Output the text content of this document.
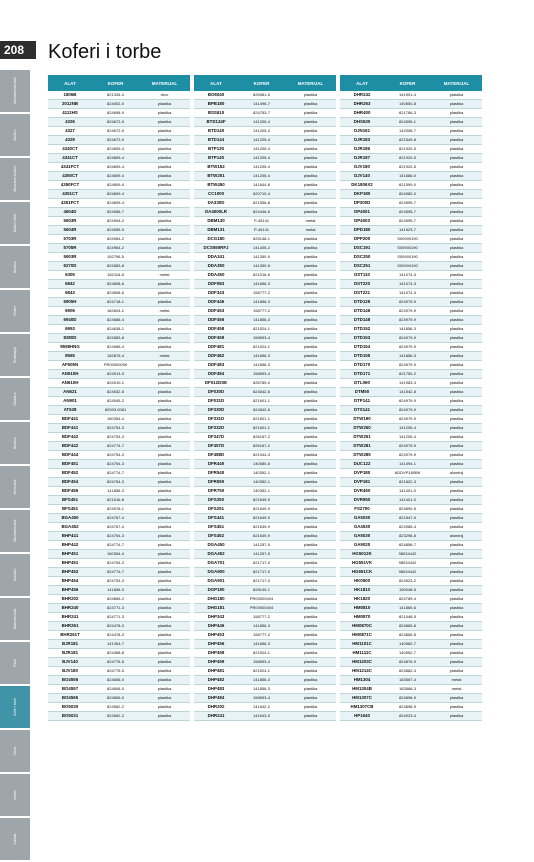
Akumulatorski alati
Bušilice
Vibracione bušilice
Bušaći čekići
Brusilice
Testere
Rendisaljke
Glodalice
Brusilice
Merni alati
Stacionarni alati
Usisivači
Baštenski alati
Pribor
Koferi i torbe
Servis
Indeks
Kontakt
208	Koferi i torbe
ALAT	KOFER	MATERIJAL
1806B	821334-4	drvo
2012NB	824002-0	plastika
4112HS	824698-9	plastika
4326	824672-9	plastika
4327	824672-9	plastika
4329	824672-9	plastika
4340CT	824809-4	plastika
4341CT	824809-4	plastika
4341FCT	824809-4	plastika
4350CT	824809-4	plastika
4350FCT	824809-4	plastika
4351CT	824809-4	plastika
4351FCT	824809-4	plastika
4604D	824556-7	plastika
5603R	824904-2	plastika
5604R	824555-9	plastika
5703R	824964-2	plastika
5705R	824964-2	plastika
5903R	192796-5	plastika
6270D	824583-8	plastika
6305	182116-8	metal
6842	824808-6	plastika
6843	824808-6	plastika
6905H	824718-1	plastika
6906	182604-1	metal
6940D	824686-4	plastika
6953	824638-1	plastika
8280D	824583-8	plastika
9558HNG	824985-4	plastika
9565	182875-4	metal
AF505N	PR00000090	plastika
AN510H	824913-3	plastika
AN610H	824910-1	plastika
AN621	824532-5	plastika
AN901	824545-2	plastika
AT638	82993-0081	plastika
BDF441	160354-4	plastika
BDF441	824754-3	plastika
BDF442	824754-3	plastika
BDF442	824774-7	plastika
BDF444	824754-3	plastika
BDF451	824754-3	plastika
BDF452	824774-7	plastika
BDF454	824754-3	plastika
BDF456	141856-3	plastika
BFS451	821616-8	plastika
BFS451	824978-1	plastika
BGA450	824767-4	plastika
BGA452	824767-4	plastika
BHP441	824754-3	plastika
BHP442	824774-7	plastika
BHP451	160354-4	plastika
BHP451	824754-3	plastika
BHP452	824774-7	plastika
BHP454	824754-3	plastika
BHP456	141856-3	plastika
BHR202	824865-2	plastika
BHR240	824771-3	plastika
BHR241	824771-3	plastika
BHR261	824478-3	plastika
BHR261T	824478-3	plastika
BJR181	141354-7	plastika
BJR181	824368-8	plastika
BJV140	824775-5	plastika
BJV180	824775-5	plastika
BO4555	824806-0	plastika
BO4557	824806-0	plastika
BO4565	824806-0	plastika
BO5030	824562-2	plastika
BO5031	824562-2	plastika
ALAT	KOFER	MATERIJAL
BO6040	826981-5	plastika
BPB180	141496-7	plastika
BSS610	824753-7	plastika
BTD134F	141205-4	plastika
BTD140	141205-4	plastika
BTD144	141205-4	plastika
BTP130	141205-4	plastika
BTP140	141205-4	plastika
BTW152	141205-4	plastika
BTW251	141205-4	plastika
BTW450	141644-8	plastika
CC1000	820710-4	plastika
DA330D	821556-8	plastika
DA4000LR	824446-6	plastika
DBM130	P-45141	metal
DBM131	P-45141	metal
DCG180	825148-1	plastika
DCS550RFJ	141405-2	plastika
DDA341	141350-9	plastika
DDA350	141350-9	plastika
DDA450	821016-6	plastika
DDF083	141856-3	plastika
DDF343	158777-2	plastika
DDF446	141856-3	plastika
DDF453	158777-2	plastika
DDF456	141856-3	plastika
DDF458	821524-1	plastika
DDF459	158593-4	plastika
DDF481	821524-1	plastika
DDF482	141856-3	plastika
DDF483	141856-3	plastika
DDF484	158593-4	plastika
DF012DSE	826789-0	plastika
DF030D	824842-6	plastika
DF031D	821601-1	plastika
DF330D	824842-6	plastika
DF331D	821601-1	plastika
DF332D	821601-1	plastika
DF347D	826167-2	plastika
DF457D	826167-2	plastika
DF488D	821044-3	plastika
DFR440	140080-6	plastika
DFR540	140352-1	plastika
DFR550	140352-1	plastika
DFR750	140352-1	plastika
DFS250	821649-9	plastika
DFS251	821649-9	plastika
DFS441	821649-9	plastika
DFS451	821649-9	plastika
DFS452	821649-9	plastika
DGA450	141257-5	plastika
DGA452	141257-5	plastika
DGA701	821717-0	plastika
DGA900	821717-0	plastika
DGA901	821717-0	plastika
DGP180	828140-1	plastika
DHG180	PR00000404	plastika
DHG181	PR00000404	plastika
DHP343	158777-2	plastika
DHP446	141856-3	plastika
DHP453	158777-2	plastika
DHP456	141856-3	plastika
DHP458	821524-1	plastika
DHP459	158593-4	plastika
DHP481	821524-1	plastika
DHP482	141856-3	plastika
DHP483	141856-3	plastika
DHP484	158593-4	plastika
DHR202	141642-2	plastika
DHR241	141643-0	plastika
ALAT	KOFER	MATERIJAL
DHR242	141901-4	plastika
DHR263	140550-8	plastika
DHR400	821766-3	plastika
DHS630	824595-1	plastika
DJN161	142008-7	plastika
DJR183	821549-8	plastika
DJR186	821920-5	plastika
DJR187	821920-5	plastika
DJV180	821920-5	plastika
DJV140	141686-0	plastika
DK1806X2	821599-0	plastika
DKP180	824982-0	plastika
DP300D	824595-7	plastika
DP4001	824595-7	plastika
DP4003	824595-7	plastika
DPD180	141523-7	plastika
DPP200	S00900190	plastika
DSC191	S00900190	plastika
DSC250	S00900190	plastika
DSC251	S00900190	plastika
DST110	141074-3	plastika
DST220	141074-3	plastika
DST221	141074-3	plastika
DTD129	824979-9	plastika
DTD146	824979-9	plastika
DTD148	824979-9	plastika
DTD152	141856-3	plastika
DTD153	824979-9	plastika
DTD154	824979-9	plastika
DTD155	141856-3	plastika
DTD170	824979-9	plastika
DTD171	821750-2	plastika
DTL060	141983-3	plastika
DTM50	141542-8	plastika
DTP141	824979-9	plastika
DTS141	824979-9	plastika
DTW190	824979-9	plastika
DTW250	141205-4	plastika
DTW251	141205-4	plastika
DTW281	824979-9	plastika
DTW285	824979-9	plastika
DUC122	141494-1	plastika
DVP180	ADDVP180BK	aluminij
DVP181	821822-3	plastika
DVR450	141401-0	plastika
DVR850	141401-0	plastika
FS2700	824890-5	plastika
GA5030	821847-9	plastika
GA4530	824985-4	plastika
GA5030	823298-8	aluminij
GA9020	824858-7	plastika
HG5012K	98034442	plastika
HG551VK	98034442	plastika
HG651CK	98034442	plastika
HK0500	824523-2	plastika
HK1810	150048-5	plastika
HK1820	824789-4	plastika
HM0810	141860-6	plastika
HM0870	821048-5	plastika
HM0870C	824865-8	plastika
HM0871C	824865-8	plastika
HM1101C	140562-7	plastika
HM1111C	140562-7	plastika
HM1203C	824876-9	plastika
HM1214C	824882-4	plastika
HM1304	183567-4	metal
HM1304B	183568-3	metal
HM1307C	824898-9	plastika
HM1307CB	824898-9	plastika
HP1640	824923-4	plastika
